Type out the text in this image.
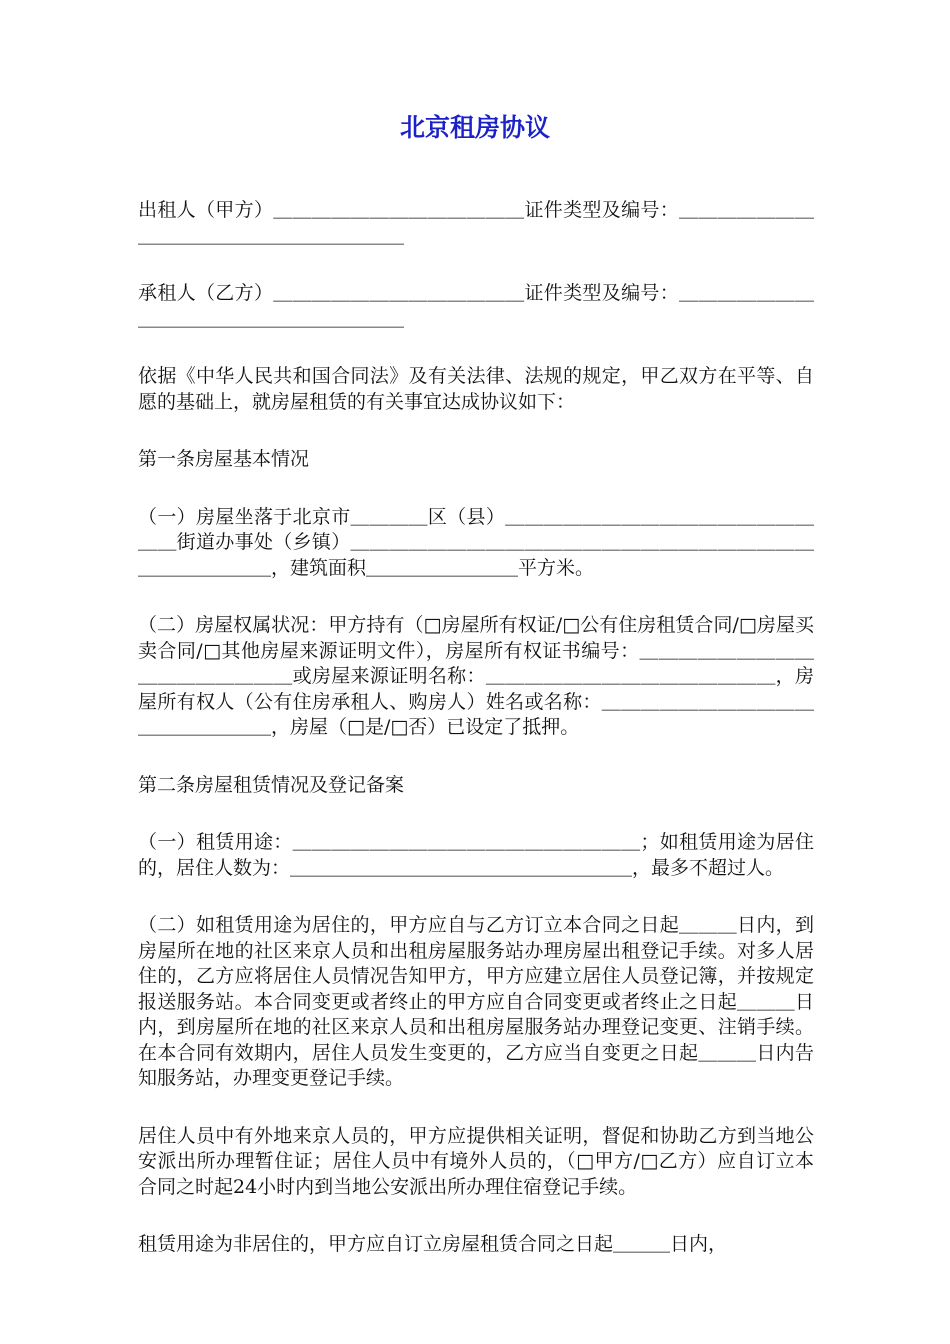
北京租房协议

出租人（甲方）＿＿＿＿＿＿＿＿＿＿＿＿＿证件类型及编号：＿＿＿＿＿＿＿＿＿＿＿＿＿＿＿＿＿＿＿＿＿

承租人（乙方）＿＿＿＿＿＿＿＿＿＿＿＿＿证件类型及编号：＿＿＿＿＿＿＿＿＿＿＿＿＿＿＿＿＿＿＿＿＿

依据《中华人民共和国合同法》及有关法律、法规的规定，甲乙双方在平等、自愿的基础上，就房屋租赁的有关事宜达成协议如下：

第一条房屋基本情况

（一）房屋坐落于北京市＿＿＿＿区（县）＿＿＿＿＿＿＿＿＿＿＿＿＿＿＿＿＿＿街道办事处（乡镇）＿＿＿＿＿＿＿＿＿＿＿＿＿＿＿＿＿＿＿＿＿＿＿＿＿＿＿＿＿＿＿，建筑面积＿＿＿＿＿＿＿＿平方米。

（二）房屋权属状况：甲方持有（□房屋所有权证/□公有住房租赁合同/□房屋买卖合同/□其他房屋来源证明文件），房屋所有权证书编号：＿＿＿＿＿＿＿＿＿＿＿＿＿＿＿＿＿或房屋来源证明名称：＿＿＿＿＿＿＿＿＿＿＿＿＿＿＿，房屋所有权人（公有住房承租人、购房人）姓名或名称：＿＿＿＿＿＿＿＿＿＿＿＿＿＿＿＿＿＿，房屋（□是/□否）已设定了抵押。

第二条房屋租赁情况及登记备案

（一）租赁用途：＿＿＿＿＿＿＿＿＿＿＿＿＿＿＿＿＿＿；如租赁用途为居住的，居住人数为：＿＿＿＿＿＿＿＿＿＿＿＿＿＿＿＿＿＿，最多不超过人。

（二）如租赁用途为居住的，甲方应自与乙方订立本合同之日起＿＿＿日内，到房屋所在地的社区来京人员和出租房屋服务站办理房屋出租登记手续。对多人居住的，乙方应将居住人员情况告知甲方，甲方应建立居住人员登记簿，并按规定报送服务站。本合同变更或者终止的甲方应自合同变更或者终止之日起＿＿＿日内，到房屋所在地的社区来京人员和出租房屋服务站办理登记变更、注销手续。在本合同有效期内，居住人员发生变更的，乙方应当自变更之日起＿＿＿日内告知服务站，办理变更登记手续。

居住人员中有外地来京人员的，甲方应提供相关证明，督促和协助乙方到当地公安派出所办理暂住证；居住人员中有境外人员的，（□甲方/□乙方）应自订立本合同之时起24小时内到当地公安派出所办理住宿登记手续。

租赁用途为非居住的，甲方应自订立房屋租赁合同之日起＿＿＿日内，
